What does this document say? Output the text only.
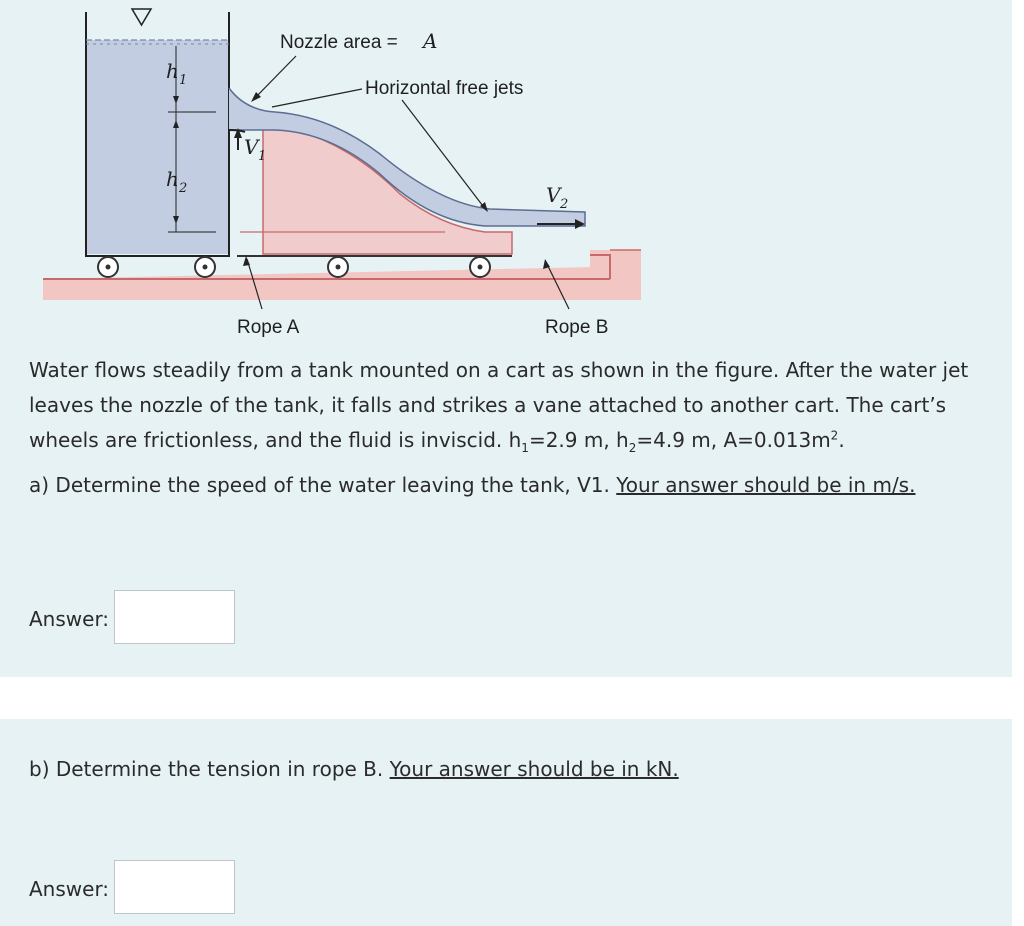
Nozzle area = A
Horizontal free jets
h 1
h 2
V 1
V 2
Rope A	Rope B

Water flows steadily from a tank mounted on a cart as shown in the figure. After the water jet leaves the nozzle of the tank, it falls and strikes a vane attached to another cart. The cart’s wheels are frictionless, and the fluid is inviscid. $h_1=2.9$ m, $h_2=4.9$ m, $A=0.013m^2$.

a) Determine the speed of the water leaving the tank, V1. Your answer should be in m/s.

Answer:

b) Determine the tension in rope B. Your answer should be in kN.

Answer:
